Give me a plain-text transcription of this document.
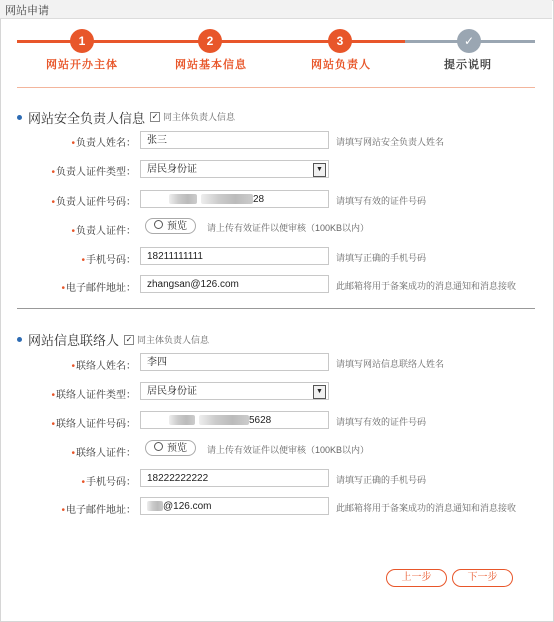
网站申请
1	2	3	✓
网站开办主体	网站基本信息	网站负责人	提示说明
网站安全负责人信息 ✓ 同主体负责人信息
•负责人姓名：	张三	请填写网站安全负责人姓名
•负责人证件类型：	居民身份证	▼
•负责人证件号码：	28	请填写有效的证件号码
•负责人证件：	预览	请上传有效证件以便审核（100KB以内）
•手机号码：	18211111111	请填写正确的手机号码
•电子邮件地址：	zhangsan@126.com	此邮箱将用于备案成功的消息通知和消息接收
网站信息联络人 ✓ 同主体负责人信息
•联络人姓名：	李四	请填写网站信息联络人姓名
•联络人证件类型：	居民身份证	▼
•联络人证件号码：	5628	请填写有效的证件号码
•联络人证件：	预览	请上传有效证件以便审核（100KB以内）
•手机号码：	18222222222	请填写正确的手机号码
•电子邮件地址：	@126.com	此邮箱将用于备案成功的消息通知和消息接收
上一步	下一步
